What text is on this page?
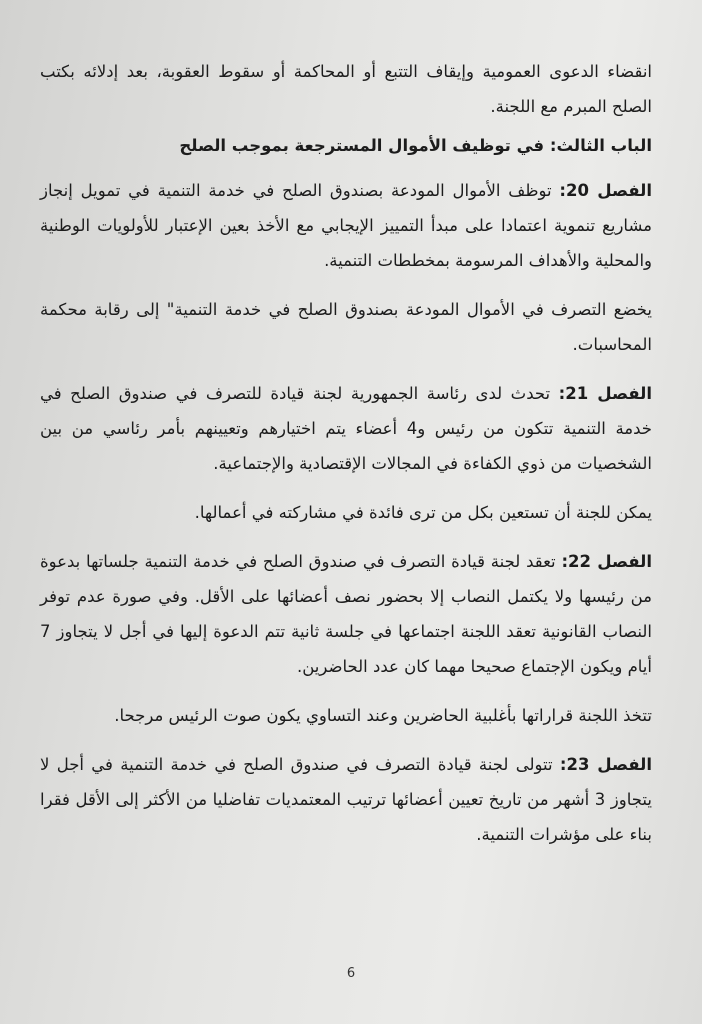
انقضاء الدعوى العمومية وإيقاف التتبع أو المحاكمة أو سقوط العقوبة، بعد إدلائه بكتب الصلح المبرم مع اللجنة.

الباب الثالث: في توظيف الأموال المسترجعة بموجب الصلح

الفصل 20: توظف الأموال المودعة بصندوق الصلح في خدمة التنمية في تمويل إنجاز مشاريع تنموية اعتمادا على مبدأ التمييز الإيجابي مع الأخذ بعين الإعتبار للأولويات الوطنية والمحلية والأهداف المرسومة بمخططات التنمية.

يخضع التصرف في الأموال المودعة بصندوق الصلح في خدمة التنمية" إلى رقابة محكمة المحاسبات.

الفصل 21: تحدث لدى رئاسة الجمهورية لجنة قيادة للتصرف في صندوق الصلح في خدمة التنمية تتكون من رئيس و4 أعضاء يتم اختيارهم وتعيينهم بأمر رئاسي من بين الشخصيات من ذوي الكفاءة في المجالات الإقتصادية والإجتماعية.

يمكن للجنة أن تستعين بكل من ترى فائدة في مشاركته في أعمالها.

الفصل 22: تعقد لجنة قيادة التصرف في صندوق الصلح في خدمة التنمية جلساتها بدعوة من رئيسها ولا يكتمل النصاب إلا بحضور نصف أعضائها على الأقل. وفي صورة عدم توفر النصاب القانونية تعقد اللجنة اجتماعها في جلسة ثانية تتم الدعوة إليها في أجل لا يتجاوز 7 أيام ويكون الإجتماع صحيحا مهما كان عدد الحاضرين.

تتخذ اللجنة قراراتها بأغلبية الحاضرين وعند التساوي يكون صوت الرئيس مرجحا.

الفصل 23: تتولى لجنة قيادة التصرف في صندوق الصلح في خدمة التنمية في أجل لا يتجاوز 3 أشهر من تاريخ تعيين أعضائها ترتيب المعتمديات تفاضليا من الأكثر إلى الأقل فقرا بناء على مؤشرات التنمية.

6
